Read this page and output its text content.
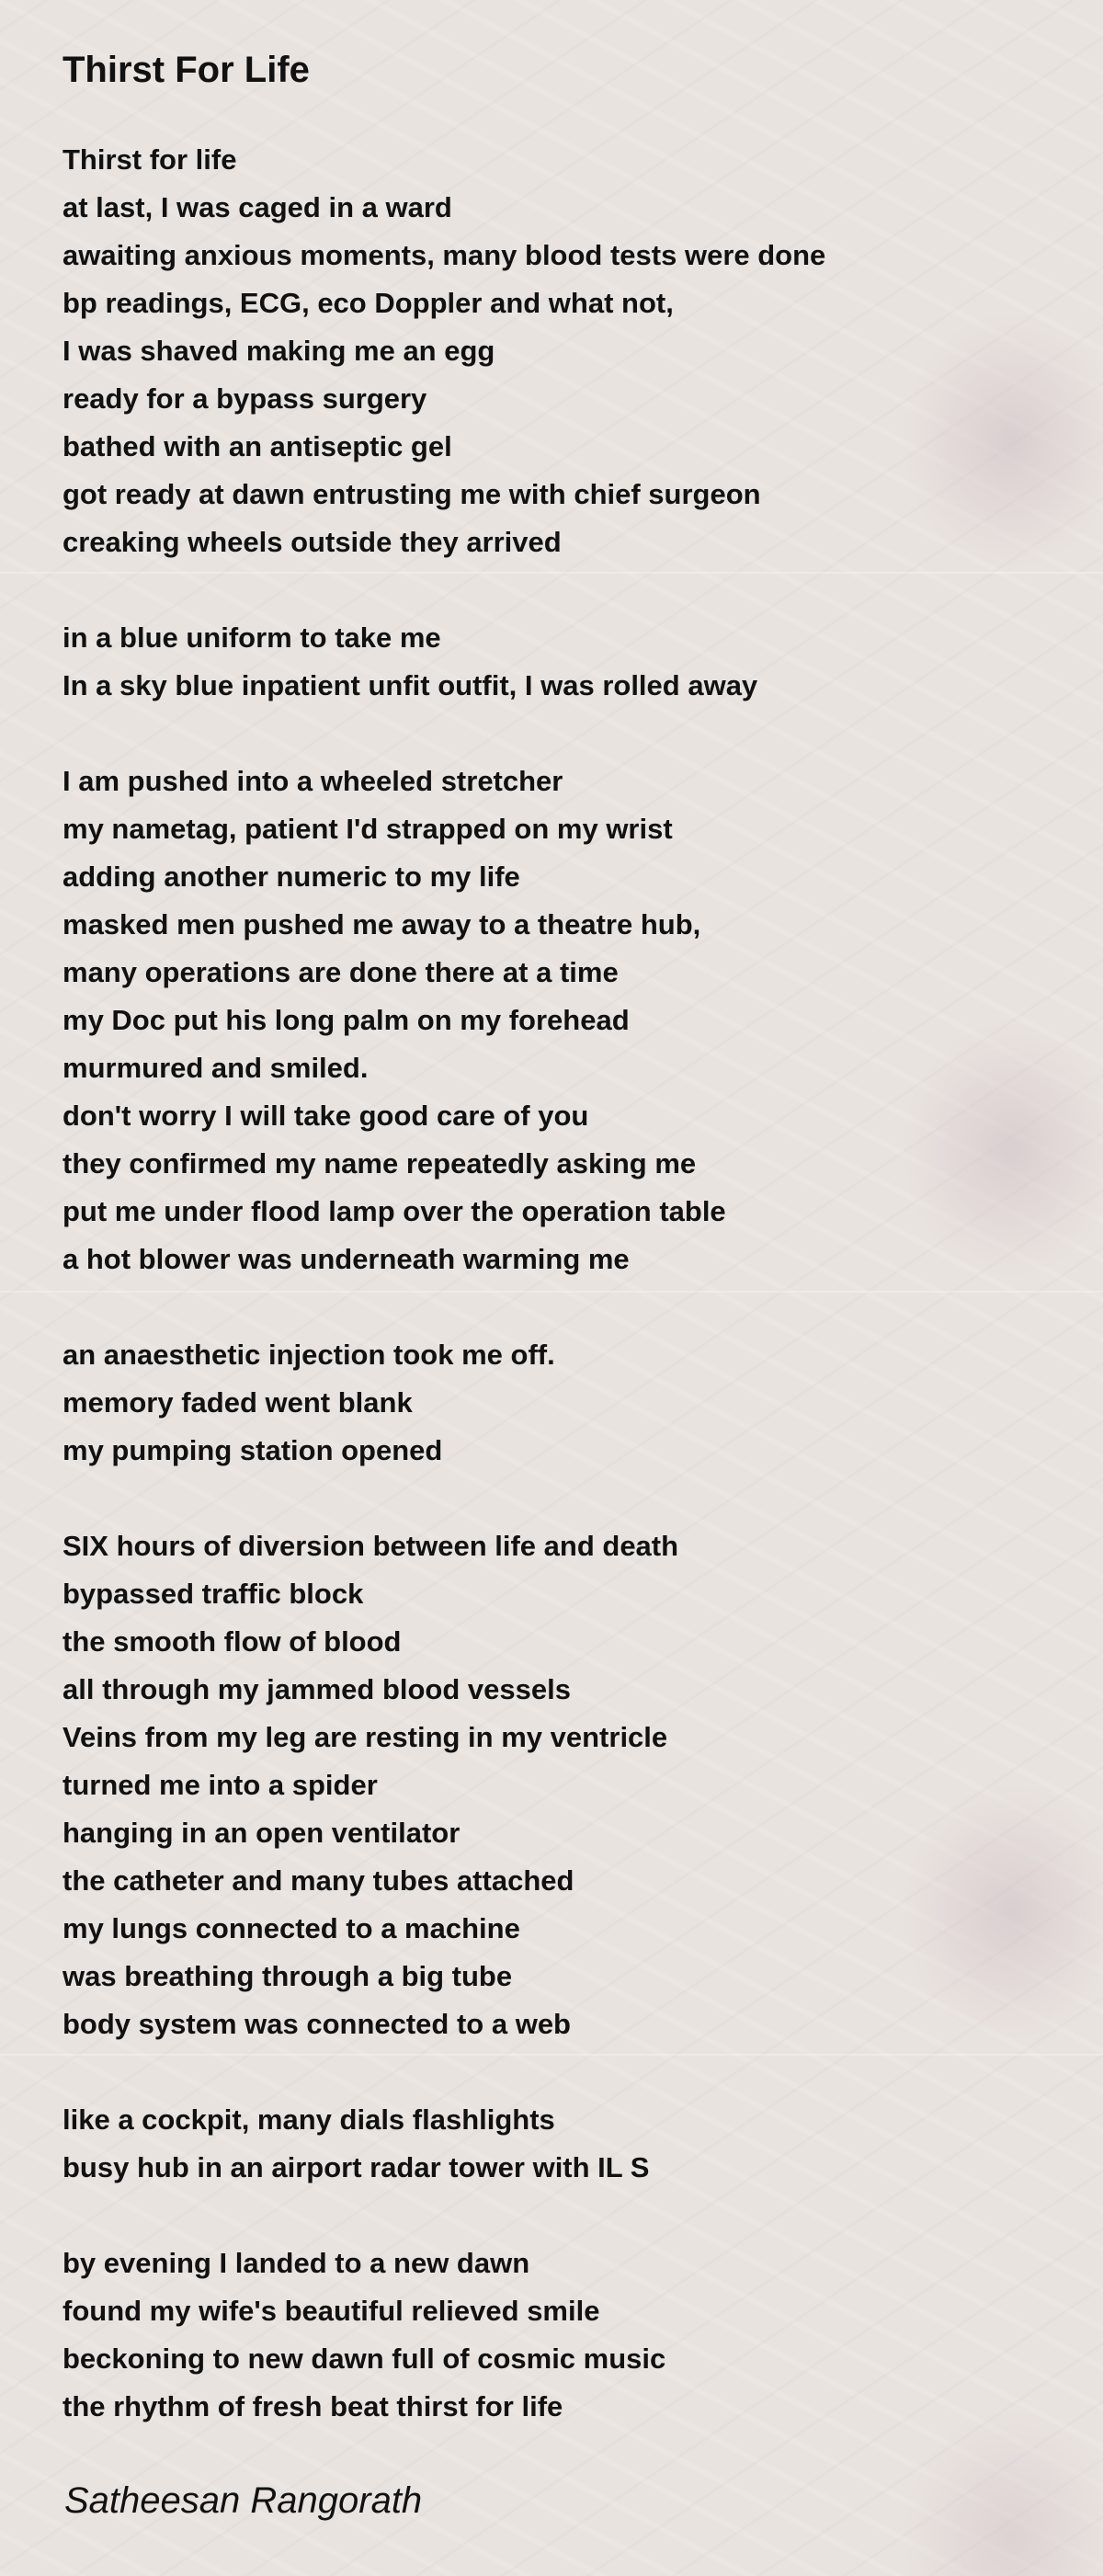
Thirst For Life
Thirst for life
at last, I was caged in a ward
awaiting anxious moments, many blood tests were done
bp readings, ECG, eco Doppler and what not,
I was shaved making me an egg
ready for a bypass surgery
bathed with an antiseptic gel
got ready at dawn entrusting me with chief surgeon
creaking wheels outside they arrived
in a blue uniform to take me
In a sky blue inpatient unfit outfit, I was rolled away
I am pushed into a wheeled stretcher
my nametag, patient I'd strapped on my wrist
adding another numeric to my life
masked men pushed me away to a theatre hub,
many operations are done there at a time
my Doc put his long palm on my forehead
murmured and smiled.
don't worry I will take good care of you
they confirmed my name repeatedly asking me
put me under flood lamp over the operation table
a hot blower was underneath warming me
an anaesthetic injection took me off.
memory faded went blank
my pumping station opened
SIX hours of diversion between life and death
bypassed traffic block
the smooth flow of blood
all through my jammed blood vessels
Veins from my leg are resting in my ventricle
turned me into a spider
hanging in an open ventilator
the catheter and many tubes attached
my lungs connected to a machine
was breathing through a big tube
body system was connected to a web
like a cockpit, many dials flashlights
busy hub in an airport radar tower with IL S
by evening I landed to a new dawn
found my wife's beautiful relieved smile
beckoning to new dawn full of cosmic music
the rhythm of fresh beat thirst for life
Satheesan Rangorath
